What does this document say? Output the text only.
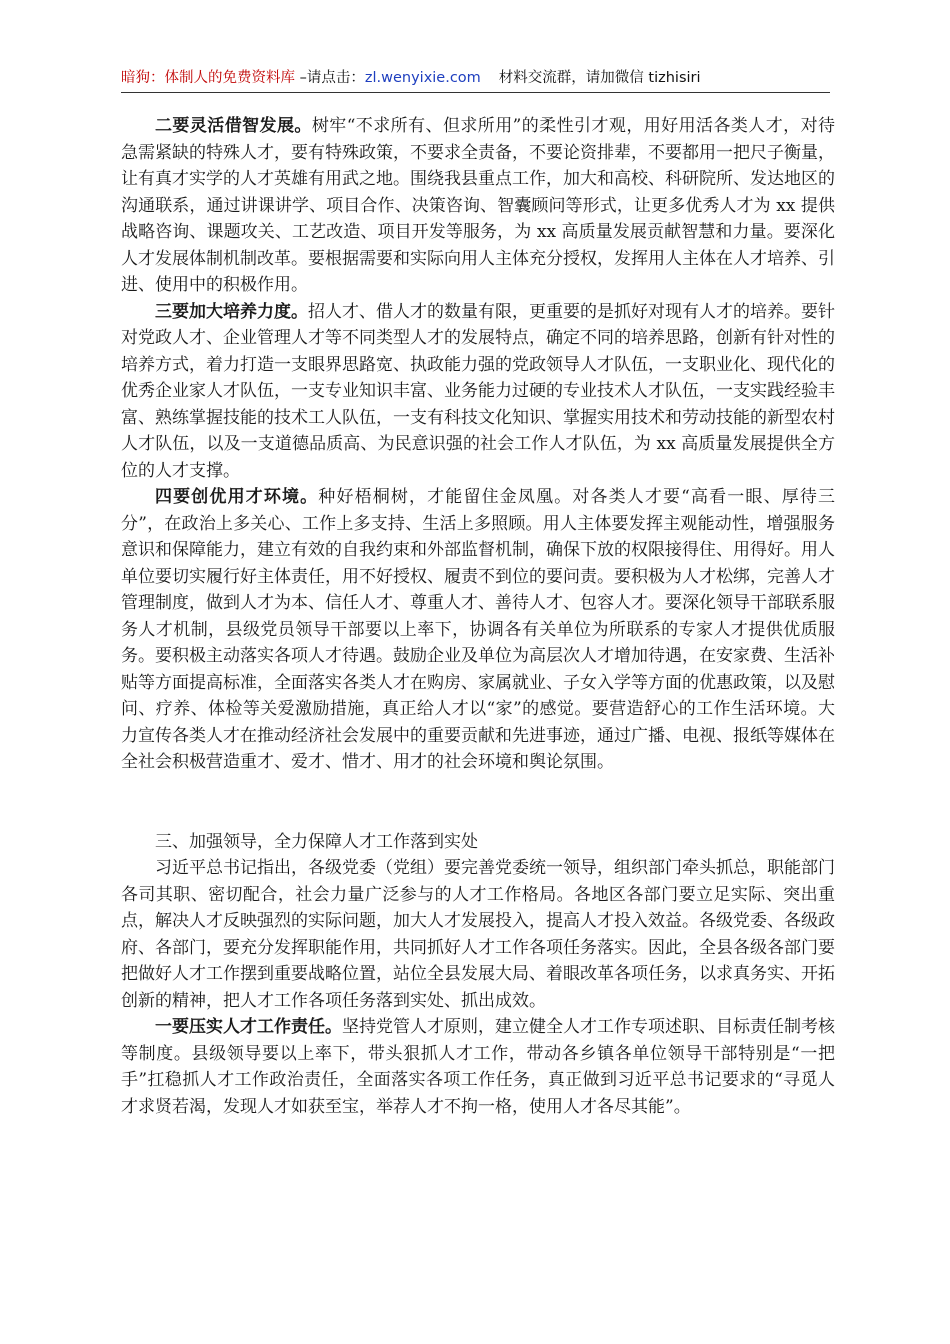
暗狗：体制人的免费资料库 –请点击：zl.wenyixie.com 材料交流群，请加微信 tizhisiri

二要灵活借智发展。树牢“不求所有、但求所用”的柔性引才观，用好用活各类人才，对待急需紧缺的特殊人才，要有特殊政策，不要求全责备，不要论资排辈，不要都用一把尺子衡量，让有真才实学的人才英雄有用武之地。围绕我县重点工作，加大和高校、科研院所、发达地区的沟通联系，通过讲课讲学、项目合作、决策咨询、智囊顾问等形式，让更多优秀人才为 xx 提供战略咨询、课题攻关、工艺改造、项目开发等服务，为 xx 高质量发展贡献智慧和力量。要深化人才发展体制机制改革。要根据需要和实际向用人主体充分授权，发挥用人主体在人才培养、引进、使用中的积极作用。

三要加大培养力度。招人才、借人才的数量有限，更重要的是抓好对现有人才的培养。要针对党政人才、企业管理人才等不同类型人才的发展特点，确定不同的培养思路，创新有针对性的培养方式，着力打造一支眼界思路宽、执政能力强的党政领导人才队伍，一支职业化、现代化的优秀企业家人才队伍，一支专业知识丰富、业务能力过硬的专业技术人才队伍，一支实践经验丰富、熟练掌握技能的技术工人队伍，一支有科技文化知识、掌握实用技术和劳动技能的新型农村人才队伍，以及一支道德品质高、为民意识强的社会工作人才队伍，为 xx 高质量发展提供全方位的人才支撑。

四要创优用才环境。种好梧桐树，才能留住金凤凰。对各类人才要“高看一眼、厚待三分”，在政治上多关心、工作上多支持、生活上多照顾。用人主体要发挥主观能动性，增强服务意识和保障能力，建立有效的自我约束和外部监督机制，确保下放的权限接得住、用得好。用人单位要切实履行好主体责任，用不好授权、履责不到位的要问责。要积极为人才松绑，完善人才管理制度，做到人才为本、信任人才、尊重人才、善待人才、包容人才。要深化领导干部联系服务人才机制，县级党员领导干部要以上率下，协调各有关单位为所联系的专家人才提供优质服务。要积极主动落实各项人才待遇。鼓励企业及单位为高层次人才增加待遇，在安家费、生活补贴等方面提高标准，全面落实各类人才在购房、家属就业、子女入学等方面的优惠政策，以及慰问、疗养、体检等关爱激励措施，真正给人才以“家”的感觉。要营造舒心的工作生活环境。大力宣传各类人才在推动经济社会发展中的重要贡献和先进事迹，通过广播、电视、报纸等媒体在全社会积极营造重才、爱才、惜才、用才的社会环境和舆论氛围。

三、加强领导，全力保障人才工作落到实处

习近平总书记指出，各级党委（党组）要完善党委统一领导，组织部门牵头抓总，职能部门各司其职、密切配合，社会力量广泛参与的人才工作格局。各地区各部门要立足实际、突出重点，解决人才反映强烈的实际问题，加大人才发展投入，提高人才投入效益。各级党委、各级政府、各部门，要充分发挥职能作用，共同抓好人才工作各项任务落实。因此，全县各级各部门要把做好人才工作摆到重要战略位置，站位全县发展大局、着眼改革各项任务，以求真务实、开拓创新的精神，把人才工作各项任务落到实处、抓出成效。

一要压实人才工作责任。坚持党管人才原则，建立健全人才工作专项述职、目标责任制考核等制度。县级领导要以上率下，带头狠抓人才工作，带动各乡镇各单位领导干部特别是“一把手”扛稳抓人才工作政治责任，全面落实各项工作任务，真正做到习近平总书记要求的“寻觅人才求贤若渴，发现人才如获至宝，举荐人才不拘一格，使用人才各尽其能”。
